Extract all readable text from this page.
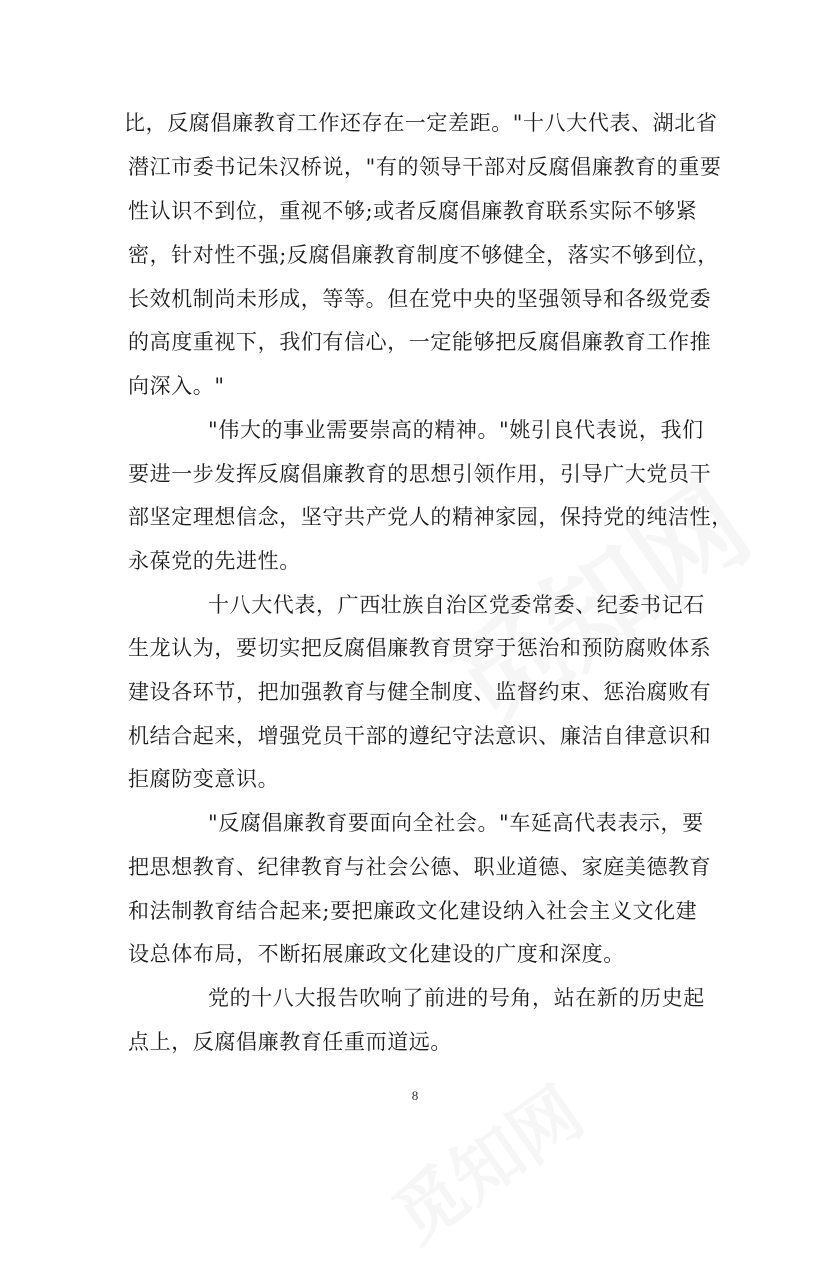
比，反腐倡廉教育工作还存在一定差距。"十八大代表、湖北省
潜江市委书记朱汉桥说，"有的领导干部对反腐倡廉教育的重要
性认识不到位，重视不够;或者反腐倡廉教育联系实际不够紧
密，针对性不强;反腐倡廉教育制度不够健全，落实不够到位，
长效机制尚未形成，等等。但在党中央的坚强领导和各级党委
的高度重视下，我们有信心，一定能够把反腐倡廉教育工作推
向深入。"
"伟大的事业需要崇高的精神。"姚引良代表说，我们
要进一步发挥反腐倡廉教育的思想引领作用，引导广大党员干
部坚定理想信念，坚守共产党人的精神家园，保持党的纯洁性，
永葆党的先进性。
十八大代表，广西壮族自治区党委常委、纪委书记石
生龙认为，要切实把反腐倡廉教育贯穿于惩治和预防腐败体系
建设各环节，把加强教育与健全制度、监督约束、惩治腐败有
机结合起来，增强党员干部的遵纪守法意识、廉洁自律意识和
拒腐防变意识。
"反腐倡廉教育要面向全社会。"车延高代表表示，要
把思想教育、纪律教育与社会公德、职业道德、家庭美德教育
和法制教育结合起来;要把廉政文化建设纳入社会主义文化建
设总体布局，不断拓展廉政文化建设的广度和深度。
党的十八大报告吹响了前进的号角，站在新的历史起
点上，反腐倡廉教育任重而道远。
8
